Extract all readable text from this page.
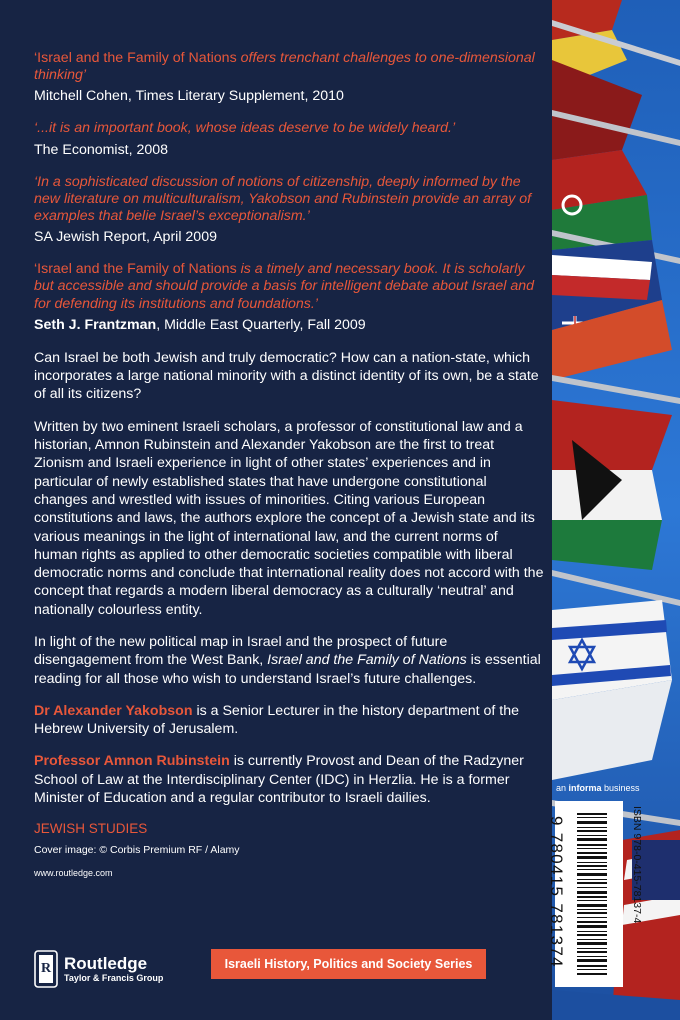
‘Israel and the Family of Nations offers trenchant challenges to one-dimensional thinking’
Mitchell Cohen, Times Literary Supplement, 2010
‘...it is an important book, whose ideas deserve to be widely heard.’
The Economist, 2008
‘In a sophisticated discussion of notions of citizenship, deeply informed by the new literature on multiculturalism, Yakobson and Rubinstein provide an array of examples that belie Israel’s exceptionalism.’
SA Jewish Report, April 2009
‘Israel and the Family of Nations is a timely and necessary book. It is scholarly but accessible and should provide a basis for intelligent debate about Israel and for defending its institutions and foundations.’
Seth J. Frantzman, Middle East Quarterly, Fall 2009

Can Israel be both Jewish and truly democratic? How can a nation-state, which incorporates a large national minority with a distinct identity of its own, be a state of all its citizens?

Written by two eminent Israeli scholars, a professor of constitutional law and a historian, Amnon Rubinstein and Alexander Yakobson are the first to treat Zionism and Israeli experience in light of other states’ experiences and in particular of newly established states that have undergone constitutional changes and wrestled with issues of minorities. Citing various European constitutions and laws, the authors explore the concept of a Jewish state and its various meanings in the light of international law, and the current norms of human rights as applied to other democratic societies compatible with liberal democratic norms and conclude that international reality does not accord with the concept that regards a modern liberal democracy as a culturally ‘neutral’ and nationally colourless entity.

In light of the new political map in Israel and the prospect of future disengagement from the West Bank, Israel and the Family of Nations is essential reading for all those who wish to understand Israel’s future challenges.

Dr Alexander Yakobson is a Senior Lecturer in the history department of the Hebrew University of Jerusalem.

Professor Amnon Rubinstein is currently Provost and Dean of the Radzyner School of Law at the Interdisciplinary Center (IDC) in Herzlia. He is a former Minister of Education and a regular contributor to Israeli dailies.

JEWISH STUDIES
Cover image: © Corbis Premium RF / Alamy
www.routledge.com
R Routledge
Taylor & Francis Group
Israeli History, Politics and Society Series
an informa business
ISBN 978-0-415-78137-4
9 780415 781374
